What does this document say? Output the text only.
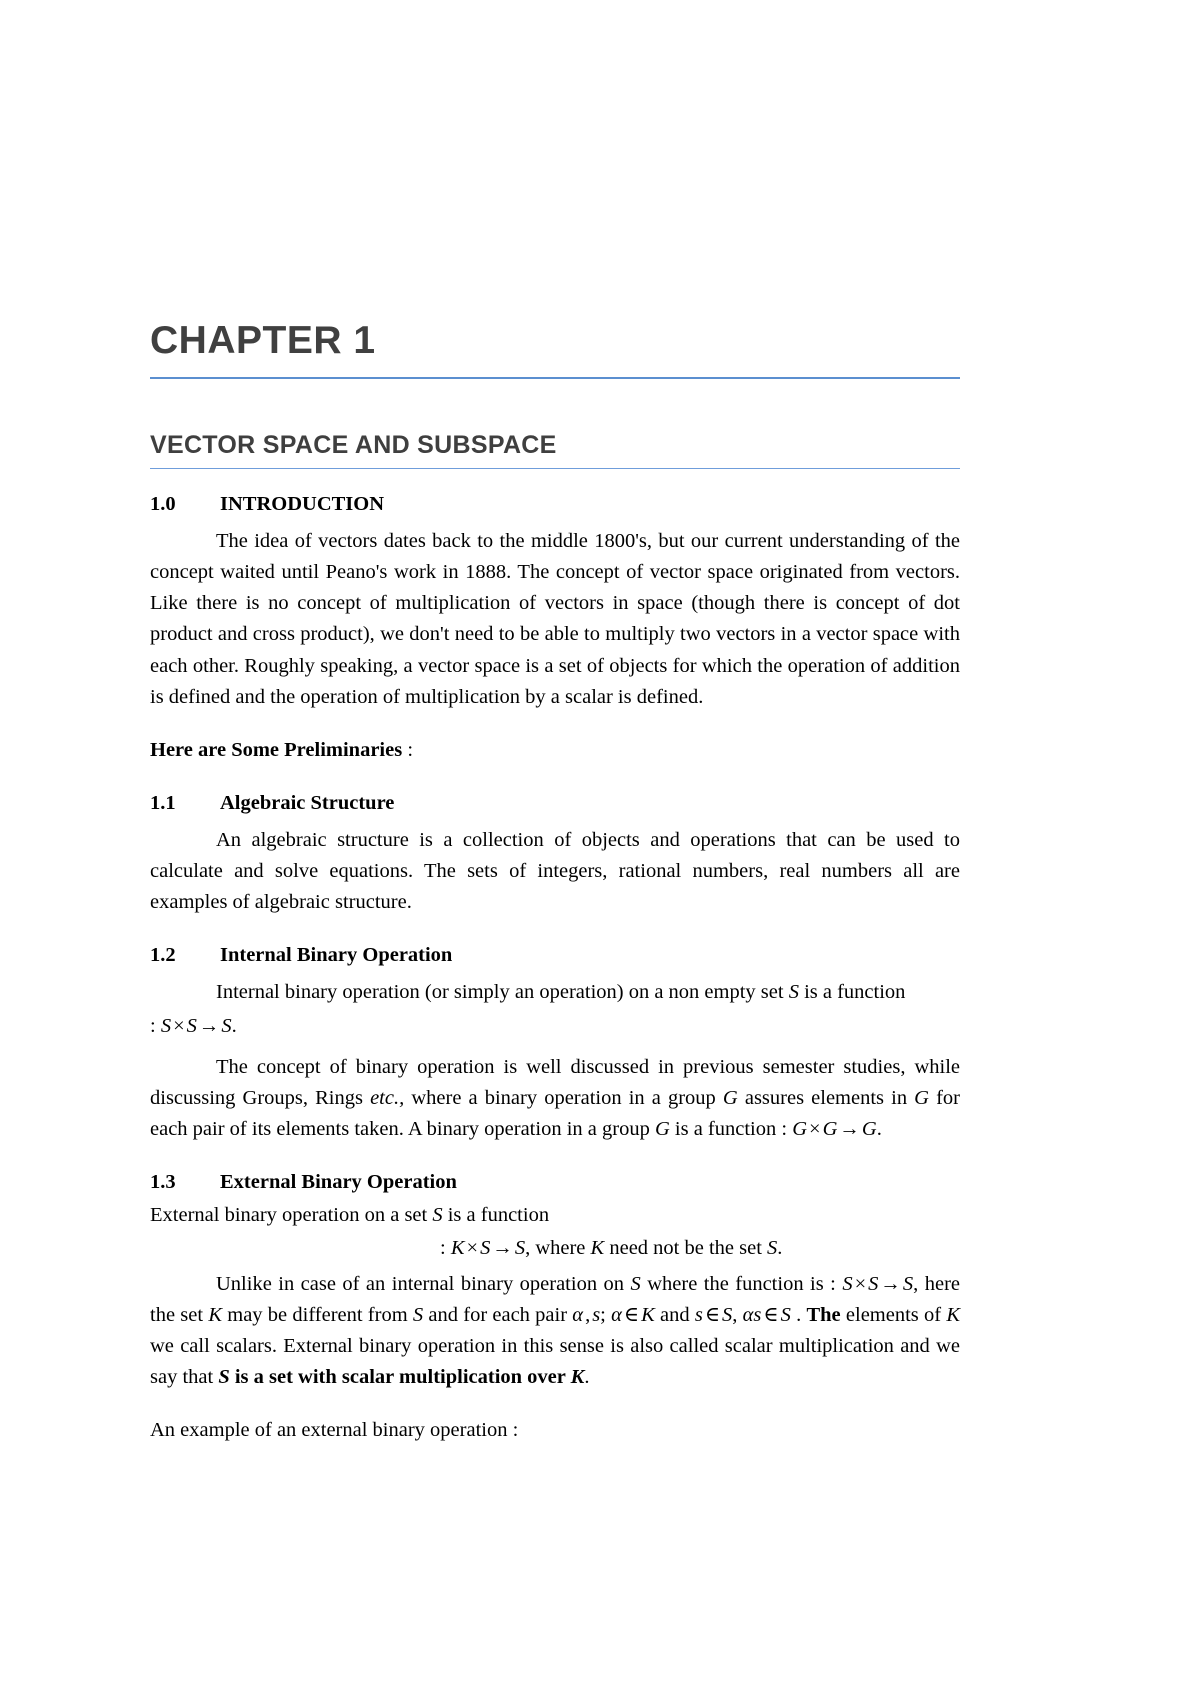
CHAPTER 1
VECTOR SPACE AND SUBSPACE
1.0	INTRODUCTION

The idea of vectors dates back to the middle 1800's, but our current understanding of the concept waited until Peano's work in 1888. The concept of vector space originated from vectors. Like there is no concept of multiplication of vectors in space (though there is concept of dot product and cross product), we don't need to be able to multiply two vectors in a vector space with each other. Roughly speaking, a vector space is a set of objects for which the operation of addition is defined and the operation of multiplication by a scalar is defined.

Here are Some Preliminaries :

1.1	Algebraic Structure

An algebraic structure is a collection of objects and operations that can be used to calculate and solve equations. The sets of integers, rational numbers, real numbers all are examples of algebraic structure.

1.2	Internal Binary Operation

Internal binary operation (or simply an operation) on a non empty set S is a function

: S×S→S.

The concept of binary operation is well discussed in previous semester studies, while discussing Groups, Rings etc., where a binary operation in a group G assures elements in G for each pair of its elements taken. A binary operation in a group G is a function : G×G→G.

1.3	External Binary Operation

External binary operation on a set S is a function

: K×S→S, where K need not be the set S.

Unlike in case of an internal binary operation on S where the function is : S×S→S, here the set K may be different from S and for each pair α,s; α∈K and s∈S, αs∈S . The elements of K we call scalars. External binary operation in this sense is also called scalar multiplication and we say that S is a set with scalar multiplication over K.

An example of an external binary operation :
